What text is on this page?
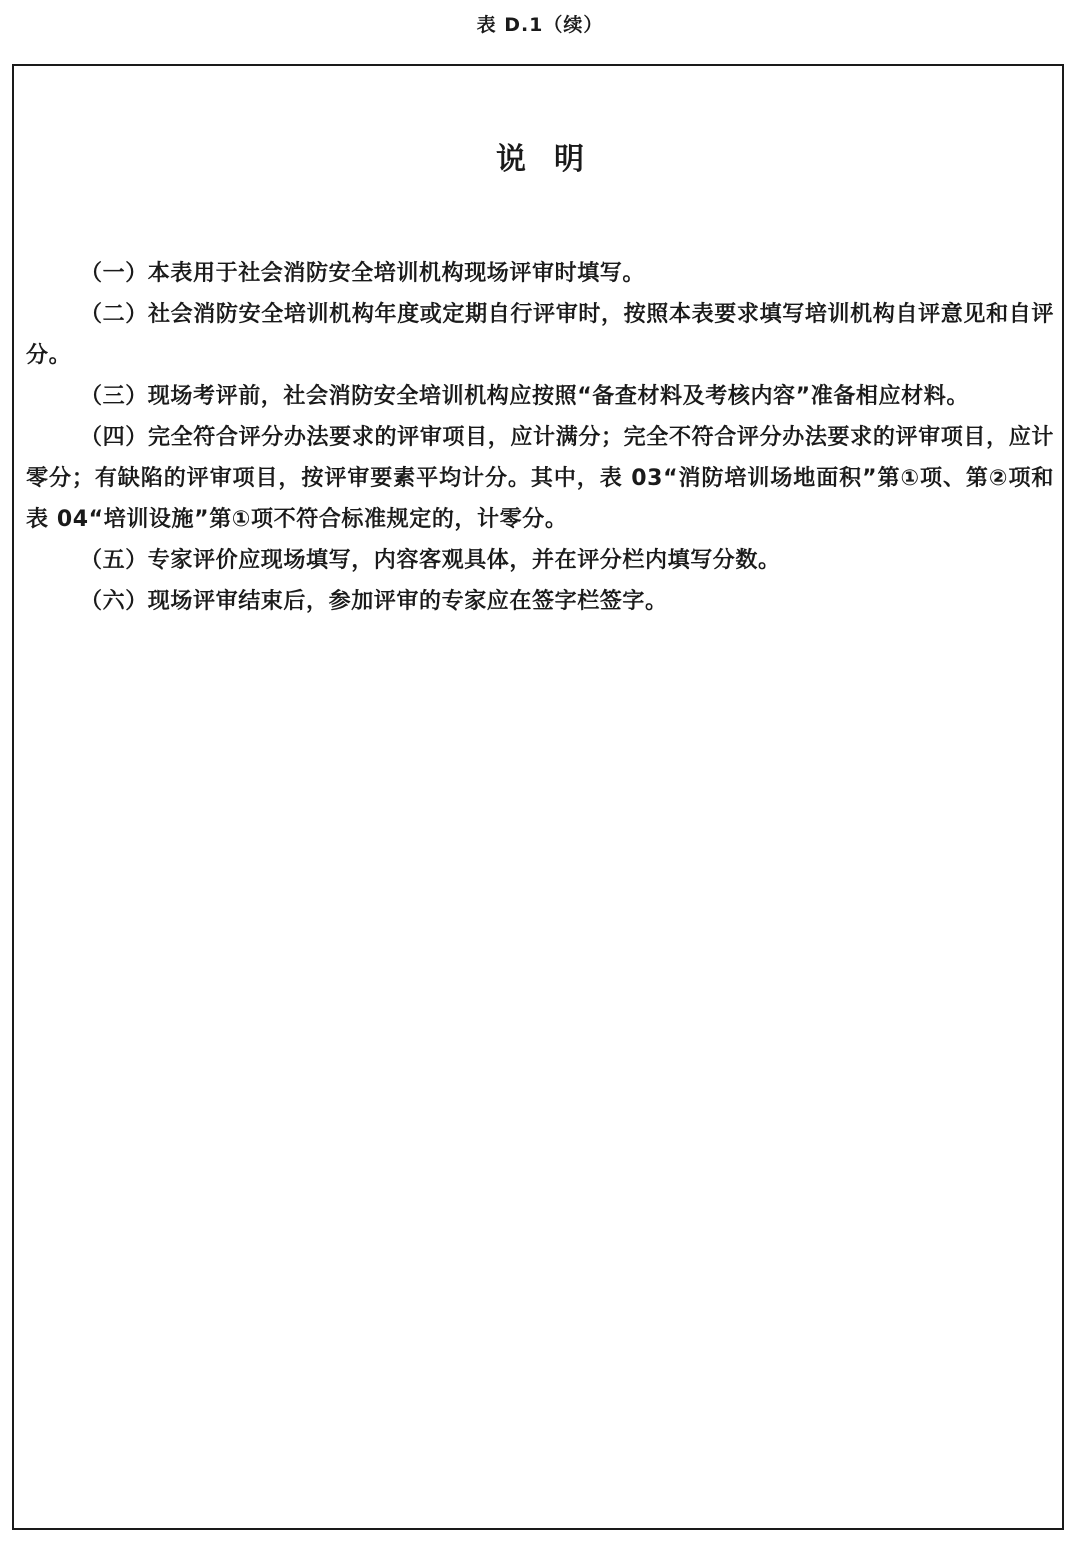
表 D.1（续）
说明

（一）本表用于社会消防安全培训机构现场评审时填写。

（二）社会消防安全培训机构年度或定期自行评审时，按照本表要求填写培训机构自评意见和自评分。

（三）现场考评前，社会消防安全培训机构应按照“备查材料及考核内容”准备相应材料。

（四）完全符合评分办法要求的评审项目，应计满分；完全不符合评分办法要求的评审项目，应计零分；有缺陷的评审项目，按评审要素平均计分。其中，表 03“消防培训场地面积”第①项、第②项和表 04“培训设施”第①项不符合标准规定的，计零分。

（五）专家评价应现场填写，内容客观具体，并在评分栏内填写分数。

（六）现场评审结束后，参加评审的专家应在签字栏签字。
